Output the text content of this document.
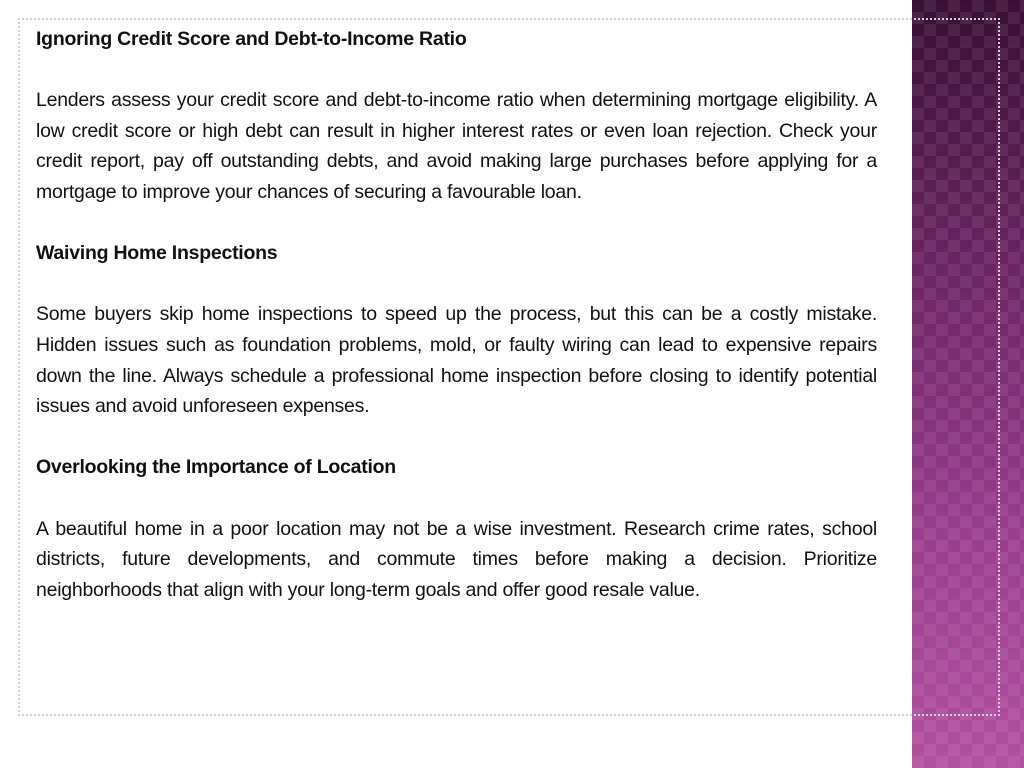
Ignoring Credit Score and Debt-to-Income Ratio

Lenders assess your credit score and debt-to-income ratio when determining mortgage eligibility. A low credit score or high debt can result in higher interest rates or even loan rejection. Check your credit report, pay off outstanding debts, and avoid making large purchases before applying for a mortgage to improve your chances of securing a favourable loan.

Waiving Home Inspections

Some buyers skip home inspections to speed up the process, but this can be a costly mistake. Hidden issues such as foundation problems, mold, or faulty wiring can lead to expensive repairs down the line. Always schedule a professional home inspection before closing to identify potential issues and avoid unforeseen expenses.

Overlooking the Importance of Location

A beautiful home in a poor location may not be a wise investment. Research crime rates, school districts, future developments, and commute times before making a decision. Prioritize neighborhoods that align with your long-term goals and offer good resale value.
